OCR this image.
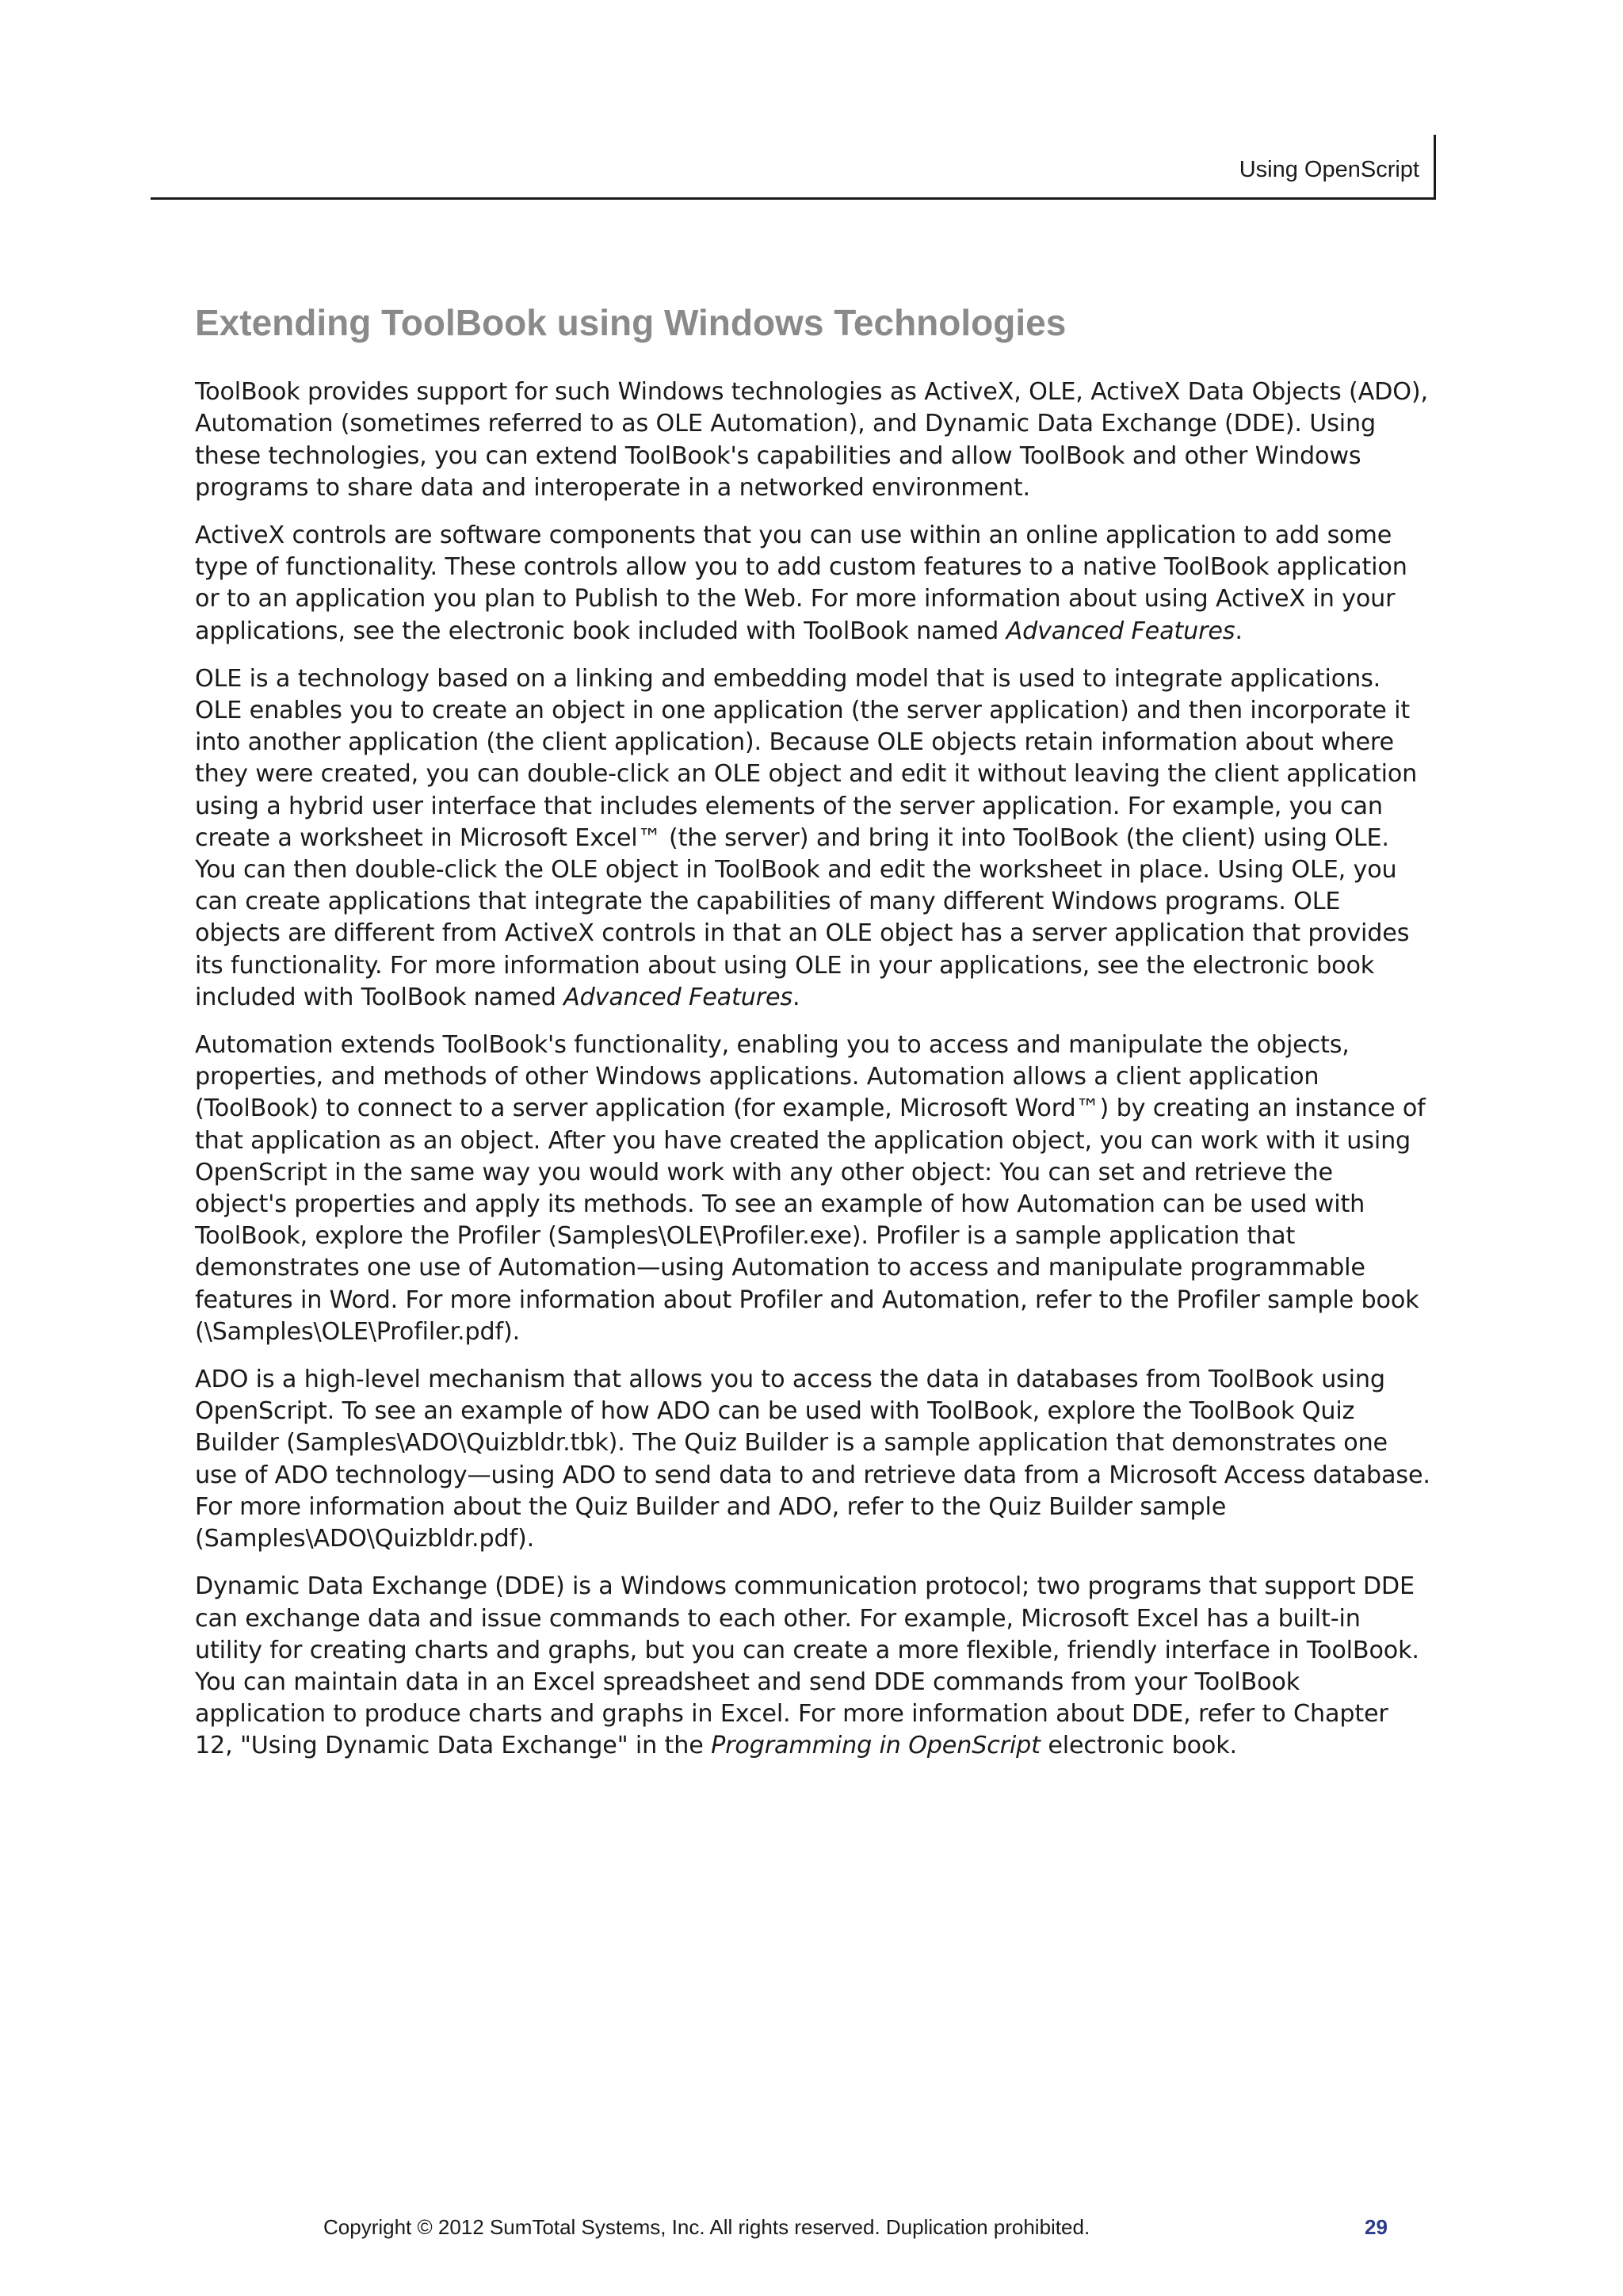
Using OpenScript
Extending ToolBook using Windows Technologies

ToolBook provides support for such Windows technologies as ActiveX, OLE, ActiveX Data Objects (ADO), Automation (sometimes referred to as OLE Automation), and Dynamic Data Exchange (DDE). Using these technologies, you can extend ToolBook's capabilities and allow ToolBook and other Windows programs to share data and interoperate in a networked environment.

ActiveX controls are software components that you can use within an online application to add some type of functionality. These controls allow you to add custom features to a native ToolBook application or to an application you plan to Publish to the Web. For more information about using ActiveX in your applications, see the electronic book included with ToolBook named Advanced Features.

OLE is a technology based on a linking and embedding model that is used to integrate applications. OLE enables you to create an object in one application (the server application) and then incorporate it into another application (the client application). Because OLE objects retain information about where they were created, you can double-click an OLE object and edit it without leaving the client application using a hybrid user interface that includes elements of the server application. For example, you can create a worksheet in Microsoft Excel™ (the server) and bring it into ToolBook (the client) using OLE. You can then double-click the OLE object in ToolBook and edit the worksheet in place. Using OLE, you can create applications that integrate the capabilities of many different Windows programs. OLE objects are different from ActiveX controls in that an OLE object has a server application that provides its functionality. For more information about using OLE in your applications, see the electronic book included with ToolBook named Advanced Features.

Automation extends ToolBook's functionality, enabling you to access and manipulate the objects, properties, and methods of other Windows applications. Automation allows a client application (ToolBook) to connect to a server application (for example, Microsoft Word™) by creating an instance of that application as an object. After you have created the application object, you can work with it using OpenScript in the same way you would work with any other object: You can set and retrieve the object's properties and apply its methods. To see an example of how Automation can be used with ToolBook, explore the Profiler (Samples\OLE\Profiler.exe). Profiler is a sample application that demonstrates one use of Automation—using Automation to access and manipulate programmable features in Word. For more information about Profiler and Automation, refer to the Profiler sample book (\Samples\OLE\Profiler.pdf).

ADO is a high-level mechanism that allows you to access the data in databases from ToolBook using OpenScript. To see an example of how ADO can be used with ToolBook, explore the ToolBook Quiz Builder (Samples\ADO\Quizbldr.tbk). The Quiz Builder is a sample application that demonstrates one use of ADO technology—using ADO to send data to and retrieve data from a Microsoft Access database. For more information about the Quiz Builder and ADO, refer to the Quiz Builder sample (Samples\ADO\Quizbldr.pdf).

Dynamic Data Exchange (DDE) is a Windows communication protocol; two programs that support DDE can exchange data and issue commands to each other. For example, Microsoft Excel has a built-in utility for creating charts and graphs, but you can create a more flexible, friendly interface in ToolBook. You can maintain data in an Excel spreadsheet and send DDE commands from your ToolBook application to produce charts and graphs in Excel. For more information about DDE, refer to Chapter 12, "Using Dynamic Data Exchange" in the Programming in OpenScript electronic book.

Copyright © 2012 SumTotal Systems, Inc. All rights reserved. Duplication prohibited.	29
